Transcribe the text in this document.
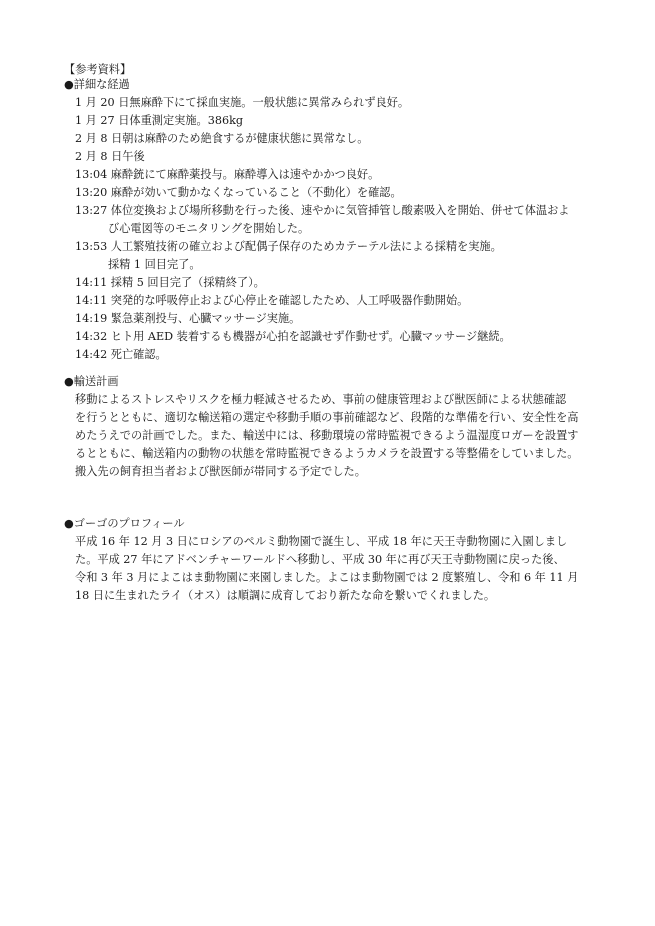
【参考資料】
●詳細な経過
1 月 20 日無麻酔下にて採血実施。一般状態に異常みられず良好。
1 月 27 日体重測定実施。386kg
2 月 8 日朝は麻酔のため絶食するが健康状態に異常なし。
2 月 8 日午後
13:04 麻酔銃にて麻酔薬投与。麻酔導入は速やかかつ良好。
13:20 麻酔が効いて動かなくなっていること（不動化）を確認。
13:27 体位変換および場所移動を行った後、速やかに気管挿管し酸素吸入を開始、併せて体温およ
び心電図等のモニタリングを開始した。
13:53 人工繁殖技術の確立および配偶子保存のためカテーテル法による採精を実施。
採精 1 回目完了。
14:11 採精 5 回目完了（採精終了）。
14:11 突発的な呼吸停止および心停止を確認したため、人工呼吸器作動開始。
14:19 緊急薬剤投与、心臓マッサージ実施。
14:32 ヒト用 AED 装着するも機器が心拍を認識せず作動せず。心臓マッサージ継続。
14:42 死亡確認。
●輸送計画
移動によるストレスやリスクを極力軽減させるため、事前の健康管理および獣医師による状態確認
を行うとともに、適切な輸送箱の選定や移動手順の事前確認など、段階的な準備を行い、安全性を高
めたうえでの計画でした。また、輸送中には、移動環境の常時監視できるよう温湿度ロガーを設置す
るとともに、輸送箱内の動物の状態を常時監視できるようカメラを設置する等整備をしていました。
搬入先の飼育担当者および獣医師が帯同する予定でした。
●ゴーゴのプロフィール
平成 16 年 12 月 3 日にロシアのペルミ動物園で誕生し、平成 18 年に天王寺動物園に入園しまし
た。平成 27 年にアドベンチャーワールドへ移動し、平成 30 年に再び天王寺動物園に戻った後、
令和 3 年 3 月によこはま動物園に来園しました。よこはま動物園では 2 度繁殖し、令和 6 年 11 月
18 日に生まれたライ（オス）は順調に成育しており新たな命を繋いでくれました。
